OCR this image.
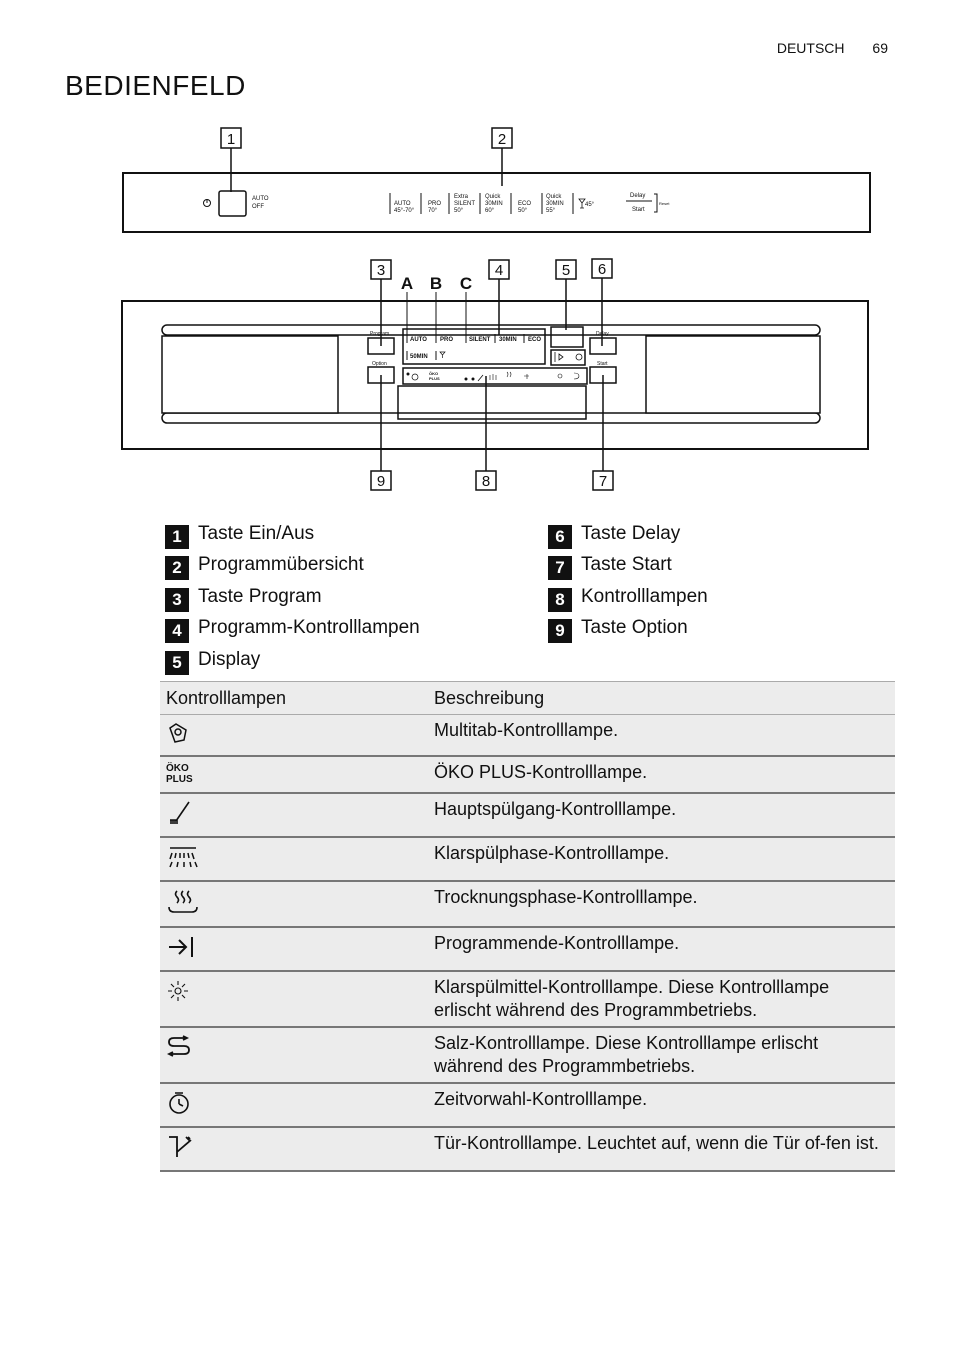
DEUTSCH 69
BEDIENFELD
1	2
3	4	5 6
7
8
9
A B C
AUTO
OFF	AUTO
45°-70°
PRO
70°
Extra
SILENT
50°
Quick
30MIN
60°
ECO
50°
Quick
30MIN
55°
45°
Delay
Start
Reset
Program
Option
Delay
Start
AUTO PRO	SILENT 30MIN ECO
50MIN
ÖKO
PLUS
1 Taste Ein/Aus
2 Programmübersicht
3 Taste Program
4 Programm-Kontrolllampen
5 Display
6 Taste Delay
7 Taste Start
8 Kontrolllampen
9 Taste Option
Kontrolllampen	Beschreibung
	Multitab-Kontrolllampe.
ÖKO
PLUS	ÖKO PLUS-Kontrolllampe.
	Hauptspülgang-Kontrolllampe.
	Klarspülphase-Kontrolllampe.
	Trocknungsphase-Kontrolllampe.
	Programmende-Kontrolllampe.
	Klarspülmittel-Kontrolllampe. Diese Kontrolllampe erlischt während des Programmbetriebs.
	Salz-Kontrolllampe. Diese Kontrolllampe erlischt während des Programmbetriebs.
	Zeitvorwahl-Kontrolllampe.
	Tür-Kontrolllampe. Leuchtet auf, wenn die Tür of-fen ist.
